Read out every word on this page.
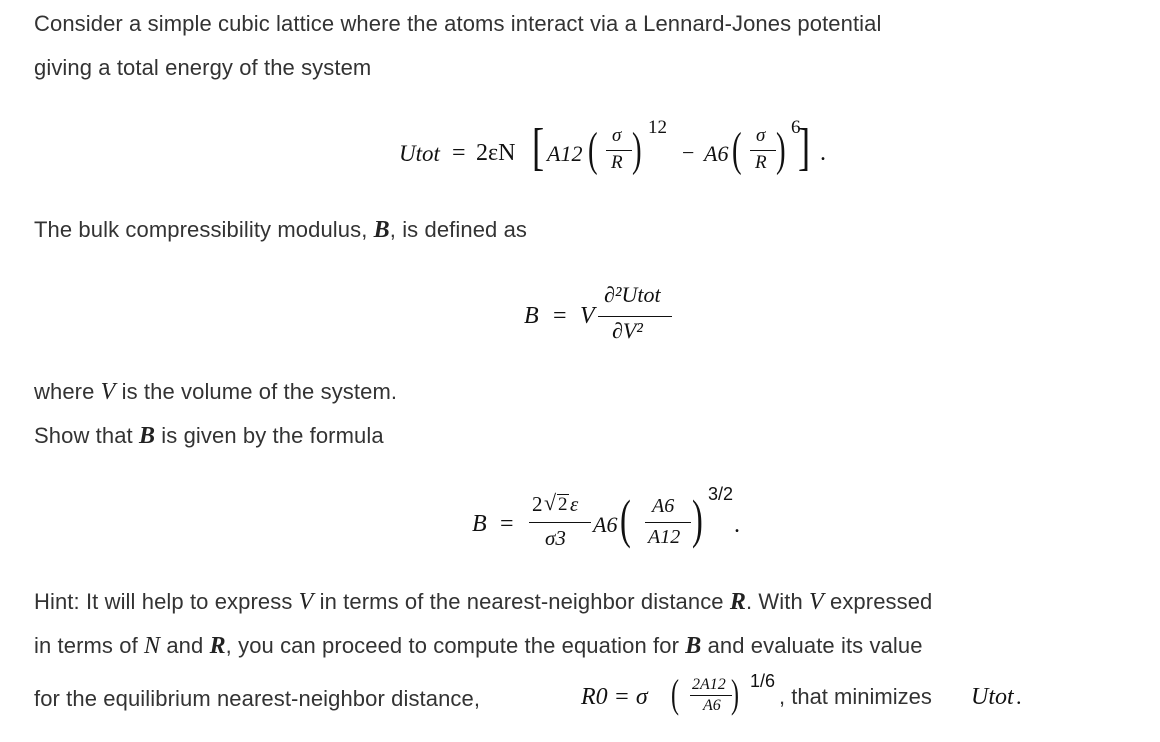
Consider a simple cubic lattice where the atoms interact via a Lennard-Jones potential
giving a total energy of the system
Utot = 2εN [ A12 ( σ
R ) 12
− A6 ( σ
R ) 6
] .
The bulk compressibility modulus, B, is defined as
B = V
∂²Utot
∂V²
where V is the volume of the system.
Show that B is given by the formula
B =
2 √ 2 ε
σ3
A6 ( A6
A12 ) 3/2
.
Hint: It will help to express V in terms of the nearest-neighbor distance R. With V expressed
in terms of N and R, you can proceed to compute the equation for B and evaluate its value
for the equilibrium nearest-neighbor distance,	R0 = σ ( 2A12
A6 ) 1/6
, that minimizes Utot .
